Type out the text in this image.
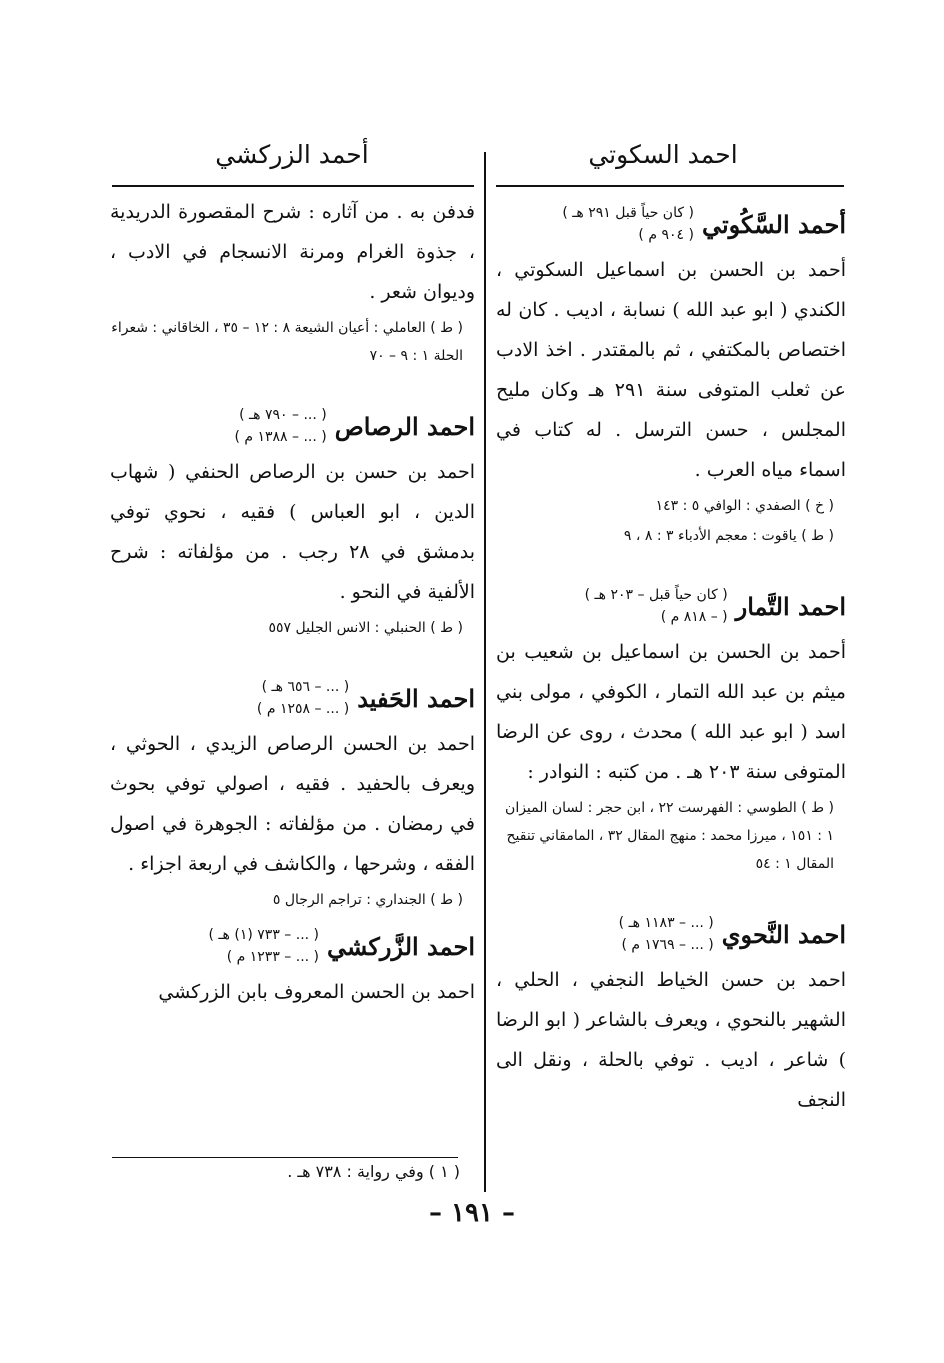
احمد السكوتي
أحمد الزركشي
أحمد السَّكُوتي
( كان حياً قبل ٢٩١ هـ )
( ٩٠٤ م )

أحمد بن الحسن بن اسماعيل السكوتي ، الكندي ( ابو عبد الله ) نسابة ، اديب . كان له اختصاص بالمكتفي ، ثم بالمقتدر . اخذ الادب عن ثعلب المتوفى سنة ٢٩١ هـ وكان مليح المجلس ، حسن الترسل . له كتاب في اسماء مياه العرب .

( خ ) الصفدي : الوافي ٥ : ١٤٣
( ط ) ياقوت : معجم الأدباء ٣ : ٨ ، ٩
احمد التَّمار
( كان حياً قبل – ٢٠٣ هـ )
( – ٨١٨ م )

أحمد بن الحسن بن اسماعيل بن شعيب بن ميثم بن عبد الله التمار ، الكوفي ، مولى بني اسد ( ابو عبد الله ) محدث ، روى عن الرضا المتوفى سنة ٢٠٣ هـ . من كتبه : النوادر :

( ط ) الطوسي : الفهرست ٢٢ ، ابن حجر : لسان الميزان ١ : ١٥١ ، ميرزا محمد : منهج المقال ٣٢ ، المامقاني تنقيح المقال ١ : ٥٤
احمد النَّحوي
( ... – ١١٨٣ هـ )
( ... – ١٧٦٩ م )

احمد بن حسن الخياط النجفي ، الحلي ، الشهير بالنحوي ، ويعرف بالشاعر ( ابو الرضا ) شاعر ، اديب . توفي بالحلة ، ونقل الى النجف

فدفن به . من آثاره : شرح المقصورة الدريدية ، جذوة الغرام ومرنة الانسجام في الادب ، وديوان شعر .

( ط ) العاملي : أعيان الشيعة ٨ : ١٢ – ٣٥ ، الخاقاني : شعراء الحلة ١ : ٩ – ٧٠
احمد الرصاص
( ... – ٧٩٠ هـ )
( ... – ١٣٨٨ م )

احمد بن حسن بن الرصاص الحنفي ( شهاب الدين ، ابو العباس ) فقيه ، نحوي توفي بدمشق في ٢٨ رجب . من مؤلفاته : شرح الألفية في النحو .

( ط ) الحنبلي : الانس الجليل ٥٥٧
احمد الحَفيد
( ... – ٦٥٦ هـ )
( ... – ١٢٥٨ م )

احمد بن الحسن الرصاص الزيدي ، الحوثي ، ويعرف بالحفيد . فقيه ، اصولي توفي بحوث في رمضان . من مؤلفاته : الجوهرة في اصول الفقه ، وشرحها ، والكاشف في اربعة اجزاء .

( ط ) الجنداري : تراجم الرجال ٥
احمد الزَّركشي
( ... – ٧٣٣ (١) هـ )
( ... – ١٢٣٣ م )

احمد بن الحسن المعروف بابن الزركشي

( ١ ) وفي رواية : ٧٣٨ هـ .
– ١٩١ –
